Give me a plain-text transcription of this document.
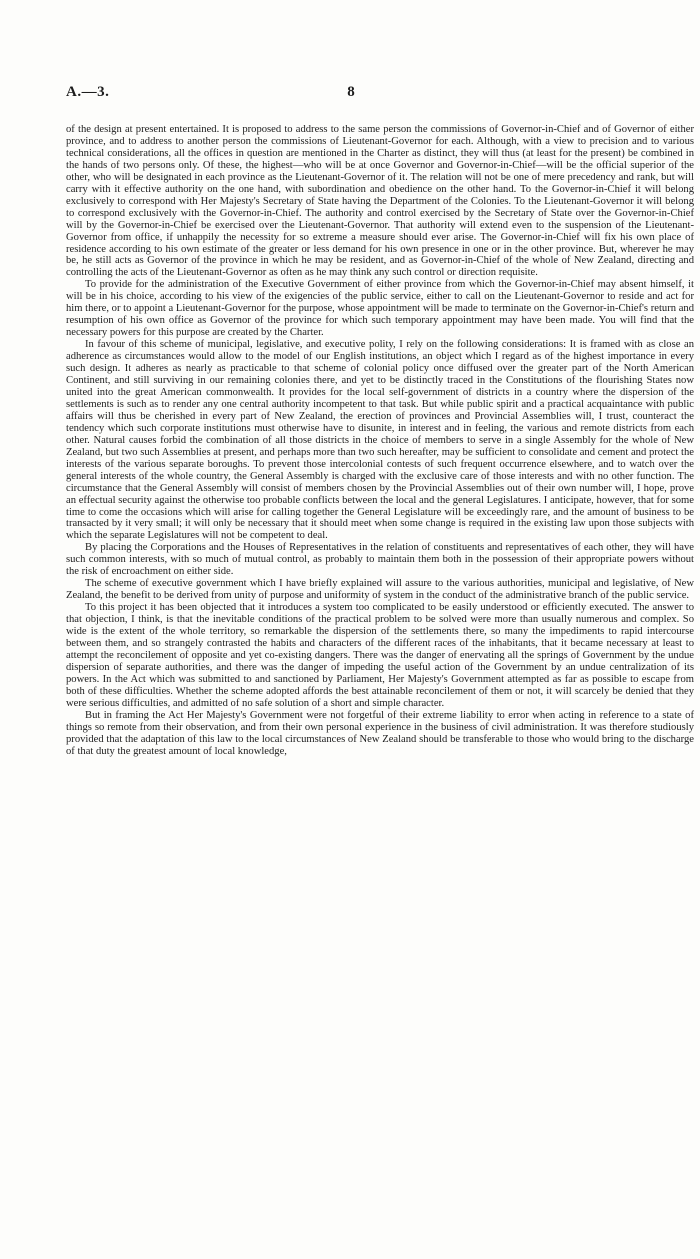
A.—3.	8

of the design at present entertained. It is proposed to address to the same person the commissions of Governor-in-Chief and of Governor of either province, and to address to another person the commissions of Lieutenant-Governor for each. Although, with a view to precision and to various technical considerations, all the offices in question are mentioned in the Charter as distinct, they will thus (at least for the present) be combined in the hands of two persons only. Of these, the highest—who will be at once Governor and Governor-in-Chief—will be the official superior of the other, who will be designated in each province as the Lieutenant-Governor of it. The relation will not be one of mere precedency and rank, but will carry with it effective authority on the one hand, with subordination and obedience on the other hand. To the Governor-in-Chief it will belong exclusively to correspond with Her Majesty's Secretary of State having the Department of the Colonies. To the Lieutenant-Governor it will belong to correspond exclusively with the Governor-in-Chief. The authority and control exercised by the Secretary of State over the Governor-in-Chief will by the Governor-in-Chief be exercised over the Lieutenant-Governor. That authority will extend even to the suspension of the Lieutenant-Governor from office, if unhappily the necessity for so extreme a measure should ever arise. The Governor-in-Chief will fix his own place of residence according to his own estimate of the greater or less demand for his own presence in one or in the other province. But, wherever he may be, he still acts as Governor of the province in which he may be resident, and as Governor-in-Chief of the whole of New Zealand, directing and controlling the acts of the Lieutenant-Governor as often as he may think any such control or direction requisite.

To provide for the administration of the Executive Government of either province from which the Governor-in-Chief may absent himself, it will be in his choice, according to his view of the exigencies of the public service, either to call on the Lieutenant-Governor to reside and act for him there, or to appoint a Lieutenant-Governor for the purpose, whose appointment will be made to terminate on the Governor-in-Chief's return and resumption of his own office as Governor of the province for which such temporary appointment may have been made. You will find that the necessary powers for this purpose are created by the Charter.

In favour of this scheme of municipal, legislative, and executive polity, I rely on the following considerations: It is framed with as close an adherence as circumstances would allow to the model of our English institutions, an object which I regard as of the highest importance in every such design. It adheres as nearly as practicable to that scheme of colonial policy once diffused over the greater part of the North American Continent, and still surviving in our remaining colonies there, and yet to be distinctly traced in the Constitutions of the flourishing States now united into the great American commonwealth. It provides for the local self-government of districts in a country where the dispersion of the settlements is such as to render any one central authority incompetent to that task. But while public spirit and a practical acquaintance with public affairs will thus be cherished in every part of New Zealand, the erection of provinces and Provincial Assemblies will, I trust, counteract the tendency which such corporate institutions must otherwise have to disunite, in interest and in feeling, the various and remote districts from each other. Natural causes forbid the combination of all those districts in the choice of members to serve in a single Assembly for the whole of New Zealand, but two such Assemblies at present, and perhaps more than two such hereafter, may be sufficient to consolidate and cement and protect the interests of the various separate boroughs. To prevent those intercolonial contests of such frequent occurrence elsewhere, and to watch over the general interests of the whole country, the General Assembly is charged with the exclusive care of those interests and with no other function. The circumstance that the General Assembly will consist of members chosen by the Provincial Assemblies out of their own number will, I hope, prove an effectual security against the otherwise too probable conflicts between the local and the general Legislatures. I anticipate, however, that for some time to come the occasions which will arise for calling together the General Legislature will be exceedingly rare, and the amount of business to be transacted by it very small; it will only be necessary that it should meet when some change is required in the existing law upon those subjects with which the separate Legislatures will not be competent to deal.

By placing the Corporations and the Houses of Representatives in the relation of constituents and representatives of each other, they will have such common interests, with so much of mutual control, as probably to maintain them both in the possession of their appropriate powers without the risk of encroachment on either side.

The scheme of executive government which I have briefly explained will assure to the various authorities, municipal and legislative, of New Zealand, the benefit to be derived from unity of purpose and uniformity of system in the conduct of the administrative branch of the public service.

To this project it has been objected that it introduces a system too complicated to be easily understood or efficiently executed. The answer to that objection, I think, is that the inevitable conditions of the practical problem to be solved were more than usually numerous and complex. So wide is the extent of the whole territory, so remarkable the dispersion of the settlements there, so many the impediments to rapid intercourse between them, and so strangely contrasted the habits and characters of the different races of the inhabitants, that it became necessary at least to attempt the reconcilement of opposite and yet co-existing dangers. There was the danger of enervating all the springs of Government by the undue dispersion of separate authorities, and there was the danger of impeding the useful action of the Government by an undue centralization of its powers. In the Act which was submitted to and sanctioned by Parliament, Her Majesty's Government attempted as far as possible to escape from both of these difficulties. Whether the scheme adopted affords the best attainable reconcilement of them or not, it will scarcely be denied that they were serious difficulties, and admitted of no safe solution of a short and simple character.

But in framing the Act Her Majesty's Government were not forgetful of their extreme liability to error when acting in reference to a state of things so remote from their observation, and from their own personal experience in the business of civil administration. It was therefore studiously provided that the adaptation of this law to the local circumstances of New Zealand should be transferable to those who would bring to the discharge of that duty the greatest amount of local knowledge,
